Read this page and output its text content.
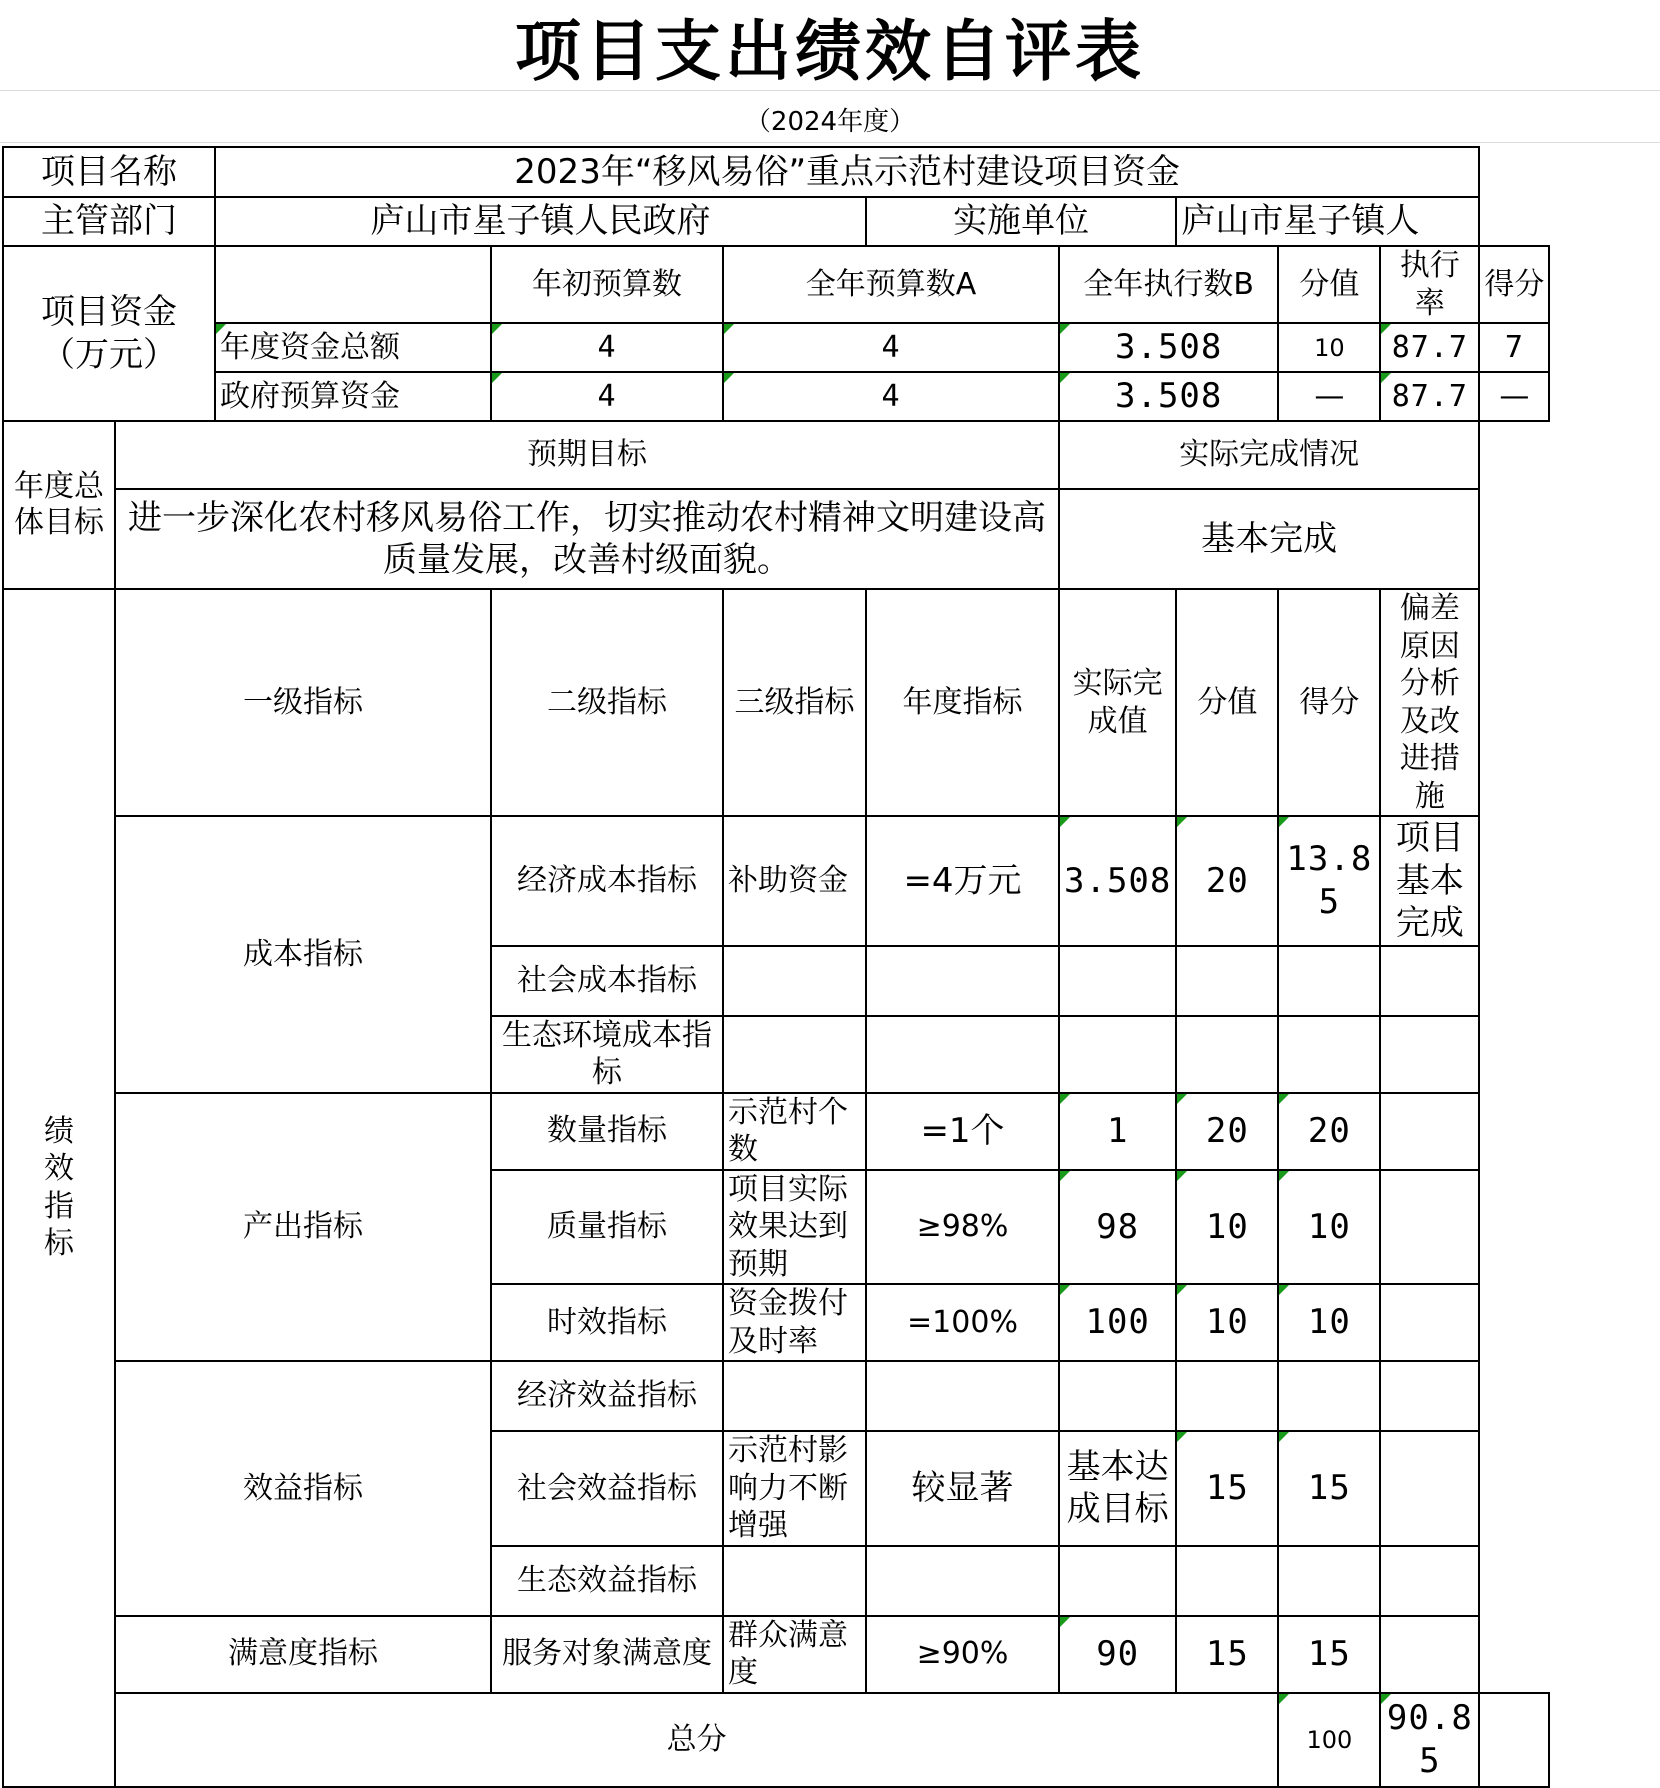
项目支出绩效自评表
（2024年度）
项目名称		2023年“移风易俗”重点示范村建设项目资金								
主管部门		庐山市星子镇人民政府			实施单位		庐山市星子镇人			
项目资金（万元）			年初预算数	全年预算数A		全年执行数B		分值	执行率	得分
		年度资金总额	4	4		3.508		10	87.7	7
		政府预算资金	4	4		3.508		—	87.7	—
年度总体目标	预期目标					实际完成情况				
	进一步深化农村移风易俗工作，切实推动农村精神文明建设高质量发展，改善村级面貌。					基本完成				
绩效指标	一级指标		二级指标	三级指标	年度指标	实际完成值	分值	得分	偏差原因分析及改进措施	
	成本指标		经济成本指标	补助资金	=4万元	3.508	20	13.85	项目基本完成	
			社会成本指标							
			生态环境成本指标							
	产出指标		数量指标	示范村个数	=1个	1	20	20		
			质量指标	项目实际效果达到预期	≥98%	98	10	10		
			时效指标	资金拨付及时率	=100%	100	10	10		
	效益指标		经济效益指标							
			社会效益指标	示范村影响力不断增强	较显著	基本达成目标	15	15		
			生态效益指标							
	满意度指标		服务对象满意度	群众满意度	≥90%	90	15	15		
	总分							100	90.85	
